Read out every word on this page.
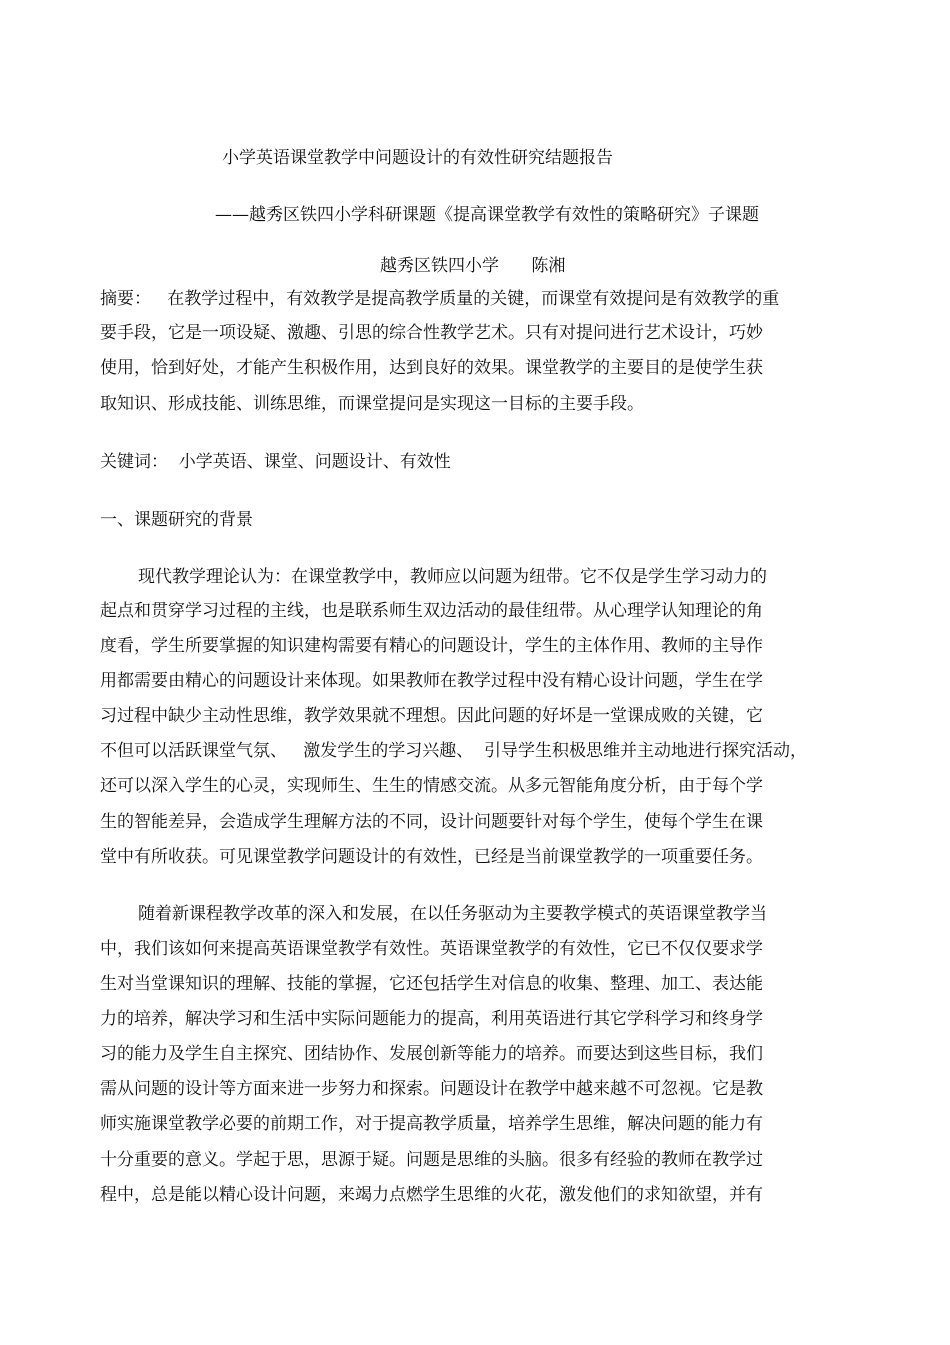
小学英语课堂教学中问题设计的有效性研究结题报告
——越秀区铁四小学科研课题《提高课堂教学有效性的策略研究》子课题
越秀区铁四小学      陈湘
摘要：   在教学过程中，有效教学是提高教学质量的关键，而课堂有效提问是有效教学的重
要手段，它是一项设疑、激趣、引思的综合性教学艺术。只有对提问进行艺术设计，巧妙
使用，恰到好处，才能产生积极作用，达到良好的效果。课堂教学的主要目的是使学生获
取知识、形成技能、训练思维，而课堂提问是实现这一目标的主要手段。
关键词：  小学英语、课堂、问题设计、有效性
一、课题研究的背景
现代教学理论认为：在课堂教学中，教师应以问题为纽带。它不仅是学生学习动力的
起点和贯穿学习过程的主线，也是联系师生双边活动的最佳纽带。从心理学认知理论的角
度看，学生所要掌握的知识建构需要有精心的问题设计，学生的主体作用、教师的主导作
用都需要由精心的问题设计来体现。如果教师在教学过程中没有精心设计问题，学生在学
习过程中缺少主动性思维，教学效果就不理想。因此问题的好坏是一堂课成败的关键，它
不但可以活跃课堂气氛、   激发学生的学习兴趣、  引导学生积极思维并主动地进行探究活动，
还可以深入学生的心灵，实现师生、生生的情感交流。从多元智能角度分析，由于每个学
生的智能差异，会造成学生理解方法的不同，设计问题要针对每个学生，使每个学生在课
堂中有所收获。可见课堂教学问题设计的有效性，已经是当前课堂教学的一项重要任务。
随着新课程教学改革的深入和发展，在以任务驱动为主要教学模式的英语课堂教学当
中，我们该如何来提高英语课堂教学有效性。英语课堂教学的有效性，它已不仅仅要求学
生对当堂课知识的理解、技能的掌握，它还包括学生对信息的收集、整理、加工、表达能
力的培养，解决学习和生活中实际问题能力的提高，利用英语进行其它学科学习和终身学
习的能力及学生自主探究、团结协作、发展创新等能力的培养。而要达到这些目标，我们
需从问题的设计等方面来进一步努力和探索。问题设计在教学中越来越不可忽视。它是教
师实施课堂教学必要的前期工作，对于提高教学质量，培养学生思维，解决问题的能力有
十分重要的意义。学起于思，思源于疑。问题是思维的头脑。很多有经验的教师在教学过
程中，总是能以精心设计问题，来竭力点燃学生思维的火花，激发他们的求知欲望，并有
